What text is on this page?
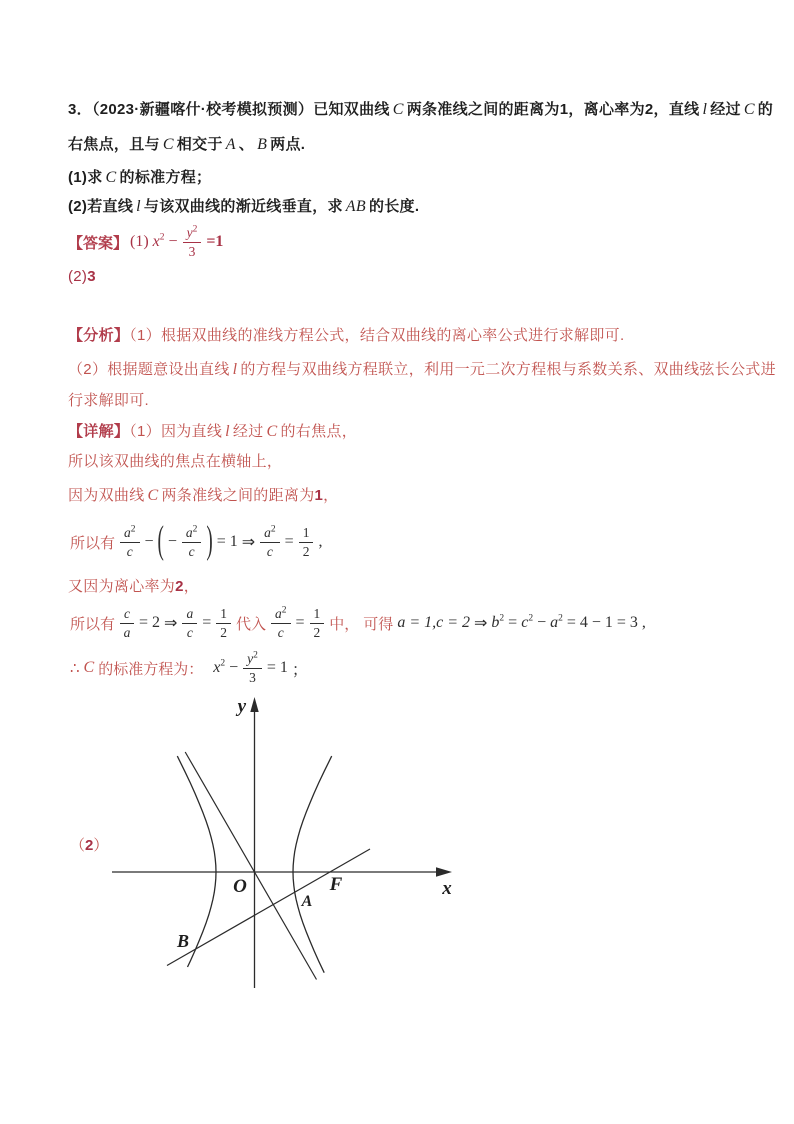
3．（2023·新疆喀什·校考模拟预测）已知双曲线 C 两条准线之间的距离为1，离心率为2，直线 l 经过 C 的
右焦点，且与 C 相交于 A 、 B 两点.
(1)求 C 的标准方程；
(2)若直线 l 与该双曲线的渐近线垂直，求 AB 的长度.
【答案】 (1) $x^2 - \frac{y^2}{3} =1$
(2)3
【分析】（1）根据双曲线的准线方程公式，结合双曲线的离心率公式进行求解即可.
（2）根据题意设出直线 l 的方程与双曲线方程联立，利用一元二次方程根与系数关系、双曲线弦长公式进
行求解即可.
【详解】（1）因为直线 l 经过 C 的右焦点，
所以该双曲线的焦点在横轴上，
因为双曲线 C 两条准线之间的距离为1，
所以有 $\frac{a^2}{c}$ − ( − $\frac{a^2}{c}$ ) = 1 ⇒ $\frac{a^2}{c} = \frac{1}{2}$ ,
又因为离心率为2，
所以有 $\frac{c}{a} = 2$ ⇒ $\frac{a}{c} = \frac{1}{2}$ 代入 $\frac{a^2}{c} = \frac{1}{2}$ 中， 可得 a = 1,c = 2 ⇒ $b^2 = c^2 - a^2 = 4 - 1 = 3$ ,
∴ C 的标准方程为： $x^2 - \frac{y^2}{3} = 1$ ；
（2）
y
x
O	F
A
B
